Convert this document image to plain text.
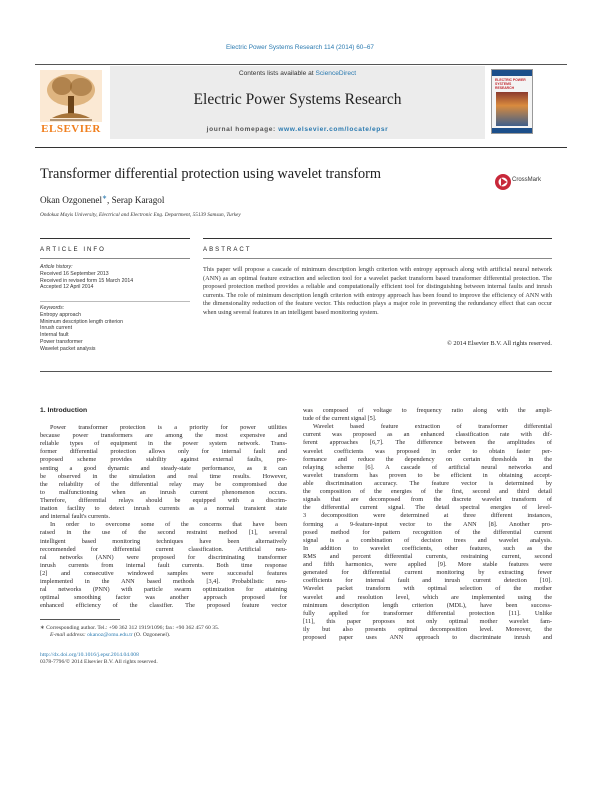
Electric Power Systems Research 114 (2014) 60–67
ELSEVIER
Contents lists available at ScienceDirect
Electric Power Systems Research
journal homepage: www.elsevier.com/locate/epsr
ELECTRIC POWER SYSTEMS RESEARCH
Transformer differential protection using wavelet transform	CrossMark
Okan Ozgonenel∗, Serap Karagol
Ondokuz Mayis University, Electrical and Electronic Eng. Department, 55139 Samsun, Turkey
ARTICLE INFO	ABSTRACT
Article history:
Received 16 September 2013
Received in revised form 15 March 2014
Accepted 12 April 2014
Keywords:
Entropy approach
Minimum description length criterion
Inrush current
Internal fault
Power transformer
Wavelet packet analysis
This paper will propose a cascade of minimum description length criterion with entropy approach along with artificial neural network (ANN) as an optimal feature extraction and selection tool for a wavelet packet transform based transformer differential protection. The proposed protection method provides a reliable and computationally efficient tool for distinguishing between internal faults and inrush currents. The role of minimum description length criterion with entropy approach has been found to improve the efficiency of ANN with the dimensionality reduction of the feature vector. This reduction plays a major role in preventing the redundancy effect that can occur when using several features in an intelligent based monitoring system.
© 2014 Elsevier B.V. All rights reserved.
1. Introduction
Power transformer protection is a priority for power utilities
because power transformers are among the most expensive and
reliable types of equipment in the power system network. Trans-
former differential protection allows only for internal fault and
proposed scheme provides stability against external faults, pre-
senting a good dynamic and steady-state performance, as it can
be observed in the simulation and real time results. However,
the reliability of the differential relay may be compromised due
to malfunctioning when an inrush current phenomenon occurs.
Therefore, differential relays should be equipped with a discrim-
ination facility to detect inrush currents as a normal transient state
and internal fault's currents.
In order to overcome some of the concerns that have been
raised in the use of the second restraint method [1], several
intelligent based monitoring techniques have been alternatively
recommended for differential current classification. Artificial neu-
ral networks (ANN) were proposed for discriminating transformer
inrush currents from internal fault currents. Both time response
[2] and consecutive windowed samples were successful features
implemented in the ANN based methods [3,4]. Probabilistic neu-
ral networks (PNN) with particle swarm optimization for attaining
optimal smoothing factor was another approach proposed for
enhanced efficiency of the classifier. The proposed feature vector
was composed of voltage to frequency ratio along with the ampli-
tude of the current signal [5].
Wavelet based feature extraction of transformer differential
current was proposed as an enhanced classification rate with dif-
ferent approaches [6,7]. The difference between the amplitudes of
wavelet coefficients was proposed in order to obtain faster per-
formance and reduce the dependency on certain thresholds in the
relaying scheme [6]. A cascade of artificial neural networks and
wavelet transform has proven to be efficient in obtaining accept-
able discrimination accuracy. The feature vector is determined by
the composition of the energies of the first, second and third detail
signals that are decomposed from the discrete wavelet transform of
the differential current signal. The detail spectral energies of level-
3 decomposition were determined at three different instances,
forming a 9-feature-input vector to the ANN [8]. Another pro-
posed method for pattern recognition of the differential current
signal is a combination of decision trees and wavelet analysis.
In addition to wavelet coefficients, other features, such as the
RMS and percent differential currents, restraining current, second
and fifth harmonics, were applied [9]. More stable features were
generated for differential current monitoring by extracting fewer
coefficients for internal fault and inrush current detection [10].
Wavelet packet transform with optimal selection of the mother
wavelet and resolution level, which are implemented using the
minimum description length criterion (MDL), have been success-
fully applied for transformer differential protection [11]. Unlike
[11], this paper proposes not only optimal mother wavelet fam-
ily but also presents optimal decomposition level. Moreover, the
proposed paper uses ANN approach to discriminate inrush and
∗ Corresponding author. Tel.: +90 362 312 1919/1096; fax: +90 362 457 60 35.
E-mail address: okanoz@omu.edu.tr (O. Ozgonenel).
http://dx.doi.org/10.1016/j.epsr.2014.04.008
0378-7796/© 2014 Elsevier B.V. All rights reserved.
